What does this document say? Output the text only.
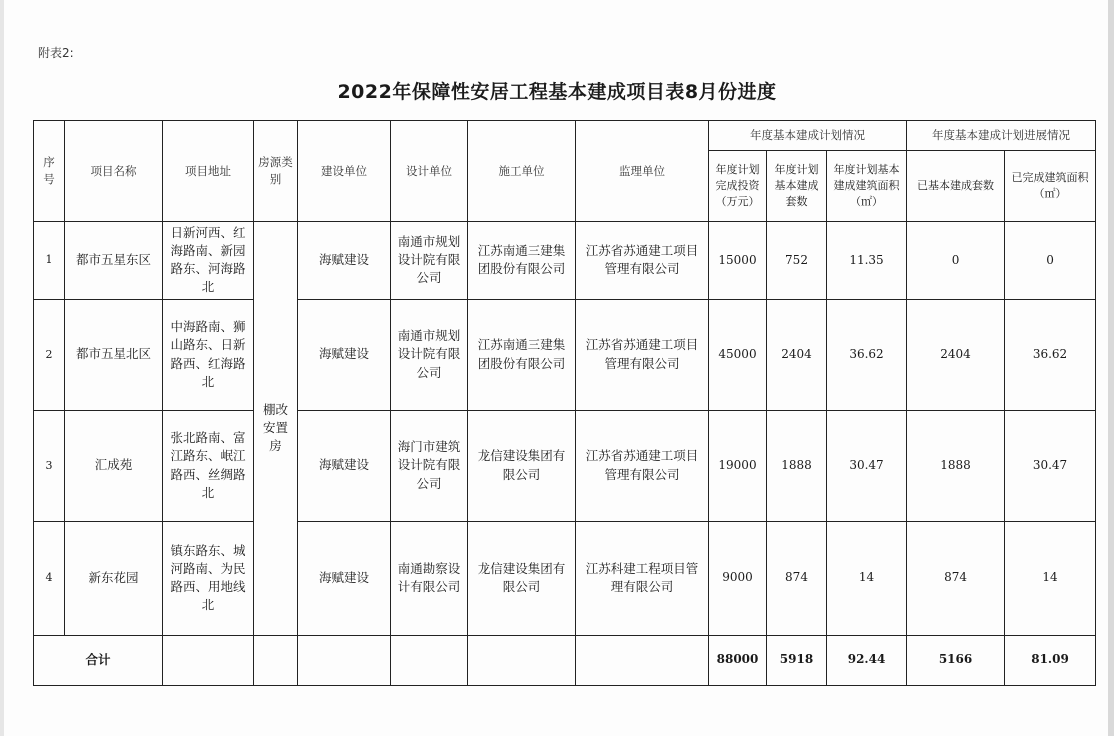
附表2:
2022年保障性安居工程基本建成项目表8月份进度
序号	项目名称	项目地址	房源类别	建设单位	设计单位	施工单位	监理单位	年度基本建成计划情况			年度基本建成计划进展情况	
								年度计划完成投资（万元）	年度计划基本建成套数	年度计划基本建成建筑面积（㎡）	已基本建成套数	已完成建筑面积（㎡）
1	都市五星东区	日新河西、红海路南、新园路东、河海路北	棚改安置房	海赋建设	南通市规划设计院有限公司	江苏南通三建集团股份有限公司	江苏省苏通建工项目管理有限公司	15000	752	11.35	0	0
2	都市五星北区	中海路南、狮山路东、日新路西、红海路北		海赋建设	南通市规划设计院有限公司	江苏南通三建集团股份有限公司	江苏省苏通建工项目管理有限公司	45000	2404	36.62	2404	36.62
3	汇成苑	张北路南、富江路东、岷江路西、丝绸路北		海赋建设	海门市建筑设计院有限公司	龙信建设集团有限公司	江苏省苏通建工项目管理有限公司	19000	1888	30.47	1888	30.47
4	新东花园	镇东路东、城河路南、为民路西、用地线北		海赋建设	南通勘察设计有限公司	龙信建设集团有限公司	江苏科建工程项目管理有限公司	9000	874	14	874	14
合计								88000	5918	92.44	5166	81.09
